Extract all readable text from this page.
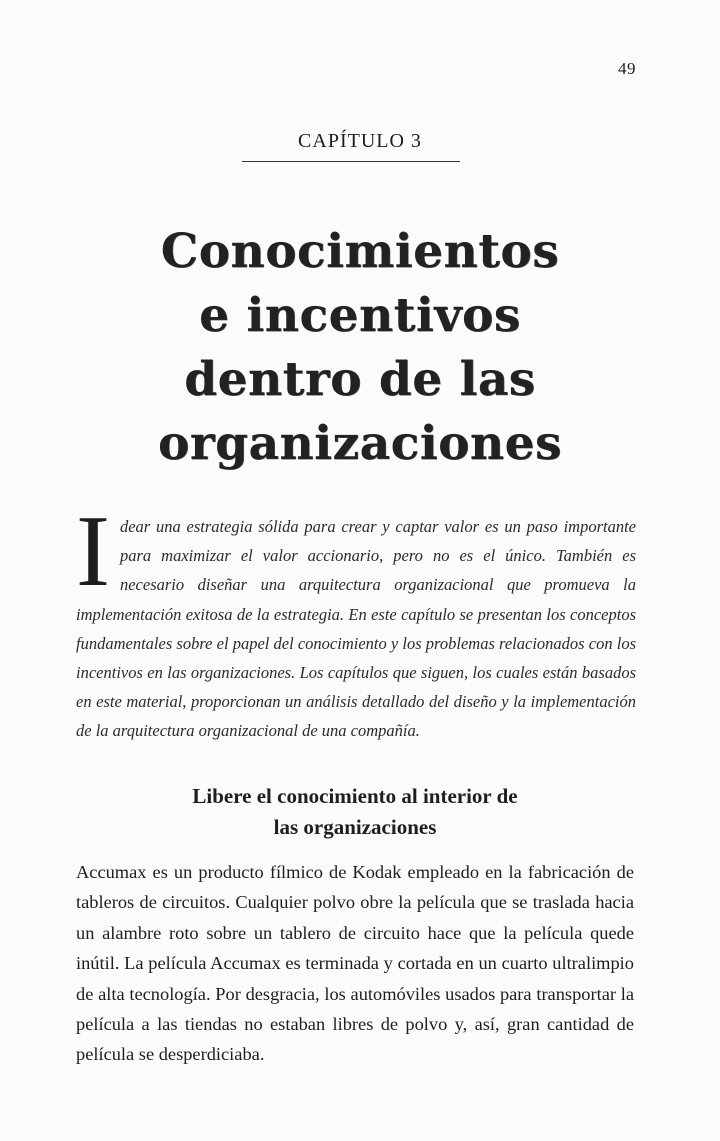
49
CAPÍTULO 3
Conocimientos
e incentivos
dentro de las
organizaciones

Idear una estrategia sólida para crear y captar valor es un paso importante para maximizar el valor accionario, pero no es el único. También es necesario diseñar una arquitectura organizacional que promueva la implementación exitosa de la estrategia. En este capítulo se presentan los conceptos fundamentales sobre el papel del conocimiento y los problemas relacionados con los incentivos en las organizaciones. Los capítulos que siguen, los cuales están basados en este material, proporcionan un análisis detallado del diseño y la implementación de la arquitectura organizacional de una compañía.

Libere el conocimiento al interior de
las organizaciones

Accumax es un producto fílmico de Kodak empleado en la fabricación de tableros de circuitos. Cualquier polvo obre la película que se traslada hacia un alambre roto sobre un tablero de circuito hace que la película quede inútil. La película Accumax es terminada y cortada en un cuarto ultralimpio de alta tecnología. Por desgracia, los automóviles usados para transportar la película a las tiendas no estaban libres de polvo y, así, gran cantidad de película se desperdiciaba.
